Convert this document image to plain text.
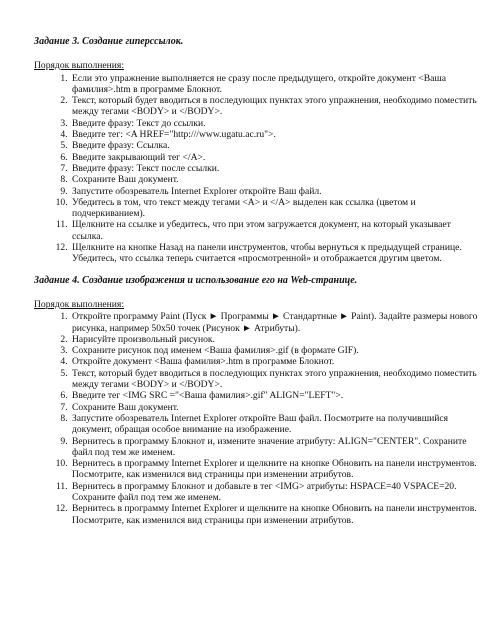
Задание 3. Создание гиперссылок.

Порядок выполнения:
1. Если это упражнение выполняется не сразу после предыдущего, откройте документ <Ваша фамилия>.htm в программе Блокнот.
2. Текст, который будет вводиться в последующих пунктах этого упражнения, необходимо поместить между тегами <BODY> и </BODY>.
3. Введите фразу: Текст до ссылки.
4. Введите тег: <A HREF="http:///www.ugatu.ac.ru">.
5. Введите фразу: Ссылка.
6. Введите закрывающий тег </A>.
7. Введите фразу: Текст после ссылки.
8. Сохраните Ваш документ.
9. Запустите обозреватель Internet Explorer откройте Ваш файл.
10. Убедитесь в том, что текст между тегами <A> и </A> выделен как ссылка (цветом и подчеркиванием).
11. Щелкните на ссылке и убедитесь, что при этом загружается документ, на который указывает ссылка.
12. Щелкните на кнопке Назад на панели инструментов, чтобы вернуться к предыдущей странице. Убедитесь, что ссылка теперь считается «просмотренной» и отображается другим цветом.

Задание 4. Создание изображения и использование его на Web-странице.

Порядок выполнения:
1. Откройте программу Paint (Пуск ► Программы ► Стандартные ► Paint). Задайте размеры нового рисунка, например 50x50 точек (Рисунок ► Атрибуты).
2. Нарисуйте произвольный рисунок.
3. Сохраните рисунок под именем <Ваша фамилия>.gif (в формате GIF).
4. Откройте документ <Ваша фамилия>.htm в программе Блокнот.
5. Текст, который будет вводиться в последующих пунктах этого упражнения, необходимо поместить между тегами <BODY> и </BODY>.
6. Введите тег <IMG SRC ="<Ваша фамилия>.gif" ALIGN="LEFT">.
7. Сохраните Ваш документ.
8. Запустите обозреватель Internet Explorer откройте Ваш файл. Посмотрите на получившийся документ, обращая особое внимание на изображение.
9. Вернитесь в программу Блокнот и, измените значение атрибуту: ALIGN="CENTER". Сохраните файл под тем же именем.
10. Вернитесь в программу Internet Explorer и щелкните на кнопке Обновить на панели инструментов. Посмотрите, как изменился вид страницы при изменении атрибутов.
11. Вернитесь в программу Блокнот и добавьте в тег <IMG> атрибуты: HSPACE=40 VSPACE=20. Сохраните файл под тем же именем.
12. Вернитесь в программу Internet Explorer и щелкните на кнопке Обновить на панели инструментов. Посмотрите, как изменился вид страницы при изменении атрибутов.
